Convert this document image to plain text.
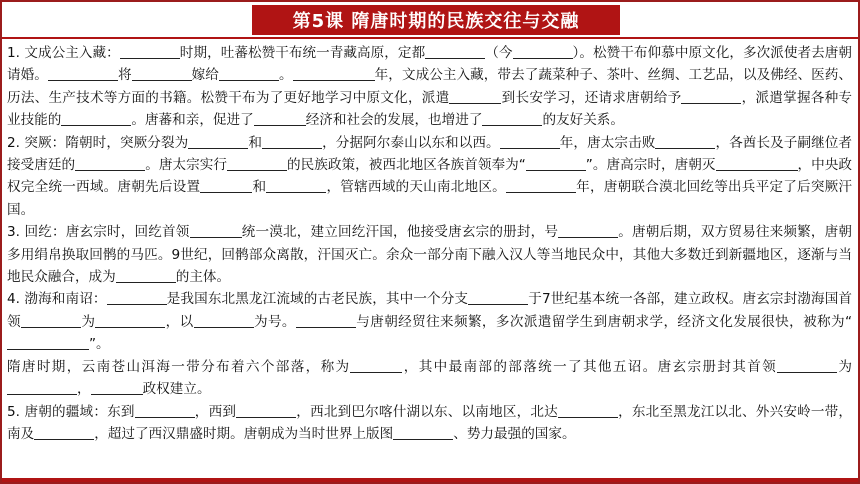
第5课 隋唐时期的民族交往与交融

1. 文成公主入藏：	时期，吐蕃松赞干布统一青藏高原，定都	（今	）。松赞干布仰慕中原文化，多次派使者去唐朝请婚。	将	嫁给	。	年，文成公主入藏，带去了蔬菜种子、茶叶、丝绸、工艺品，以及佛经、医药、历法、生产技术等方面的书籍。松赞干布为了更好地学习中原文化，派遣	到长安学习，还请求唐朝给予	，派遣掌握各种专业技能的	。唐蕃和亲，促进了	经济和社会的发展，也增进了	的友好关系。

2. 突厥：隋朝时，突厥分裂为	和	，分据阿尔泰山以东和以西。	年，唐太宗击败	，各酋长及子嗣继位者接受唐廷的	。唐太宗实行	的民族政策，被西北地区各族首领奉为“	”。唐高宗时，唐朝灭	，中央政权完全统一西域。唐朝先后设置	和	，管辖西域的天山南北地区。	年，唐朝联合漠北回纥等出兵平定了后突厥汗国。

3. 回纥：唐玄宗时，回纥首领	统一漠北，建立回纥汗国，他接受唐玄宗的册封，号	。唐朝后期，双方贸易往来频繁，唐朝多用绢帛换取回鹘的马匹。9世纪，回鹘部众离散，汗国灭亡。余众一部分南下融入汉人等当地民众中，其他大多数迁到新疆地区，逐渐与当地民众融合，成为	的主体。

4. 渤海和南诏：	是我国东北黑龙江流域的古老民族，其中一个分支	于7世纪基本统一各部，建立政权。唐玄宗封渤海国首领	为	，以	为号。	与唐朝经贸往来频繁，多次派遣留学生到唐朝求学，经济文化发展很快，被称为“”。

隋唐时期，云南苍山洱海一带分布着六个部落，称为	，其中最南部的部落统一了其他五诏。唐玄宗册封其首领	为，	政权建立。

5. 唐朝的疆域：东到	，西到	，西北到巴尔喀什湖以东、以南地区，北达	，东北至黑龙江以北、外兴安岭一带，南及	，超过了西汉鼎盛时期。唐朝成为当时世界上版图	、势力最强的国家。
